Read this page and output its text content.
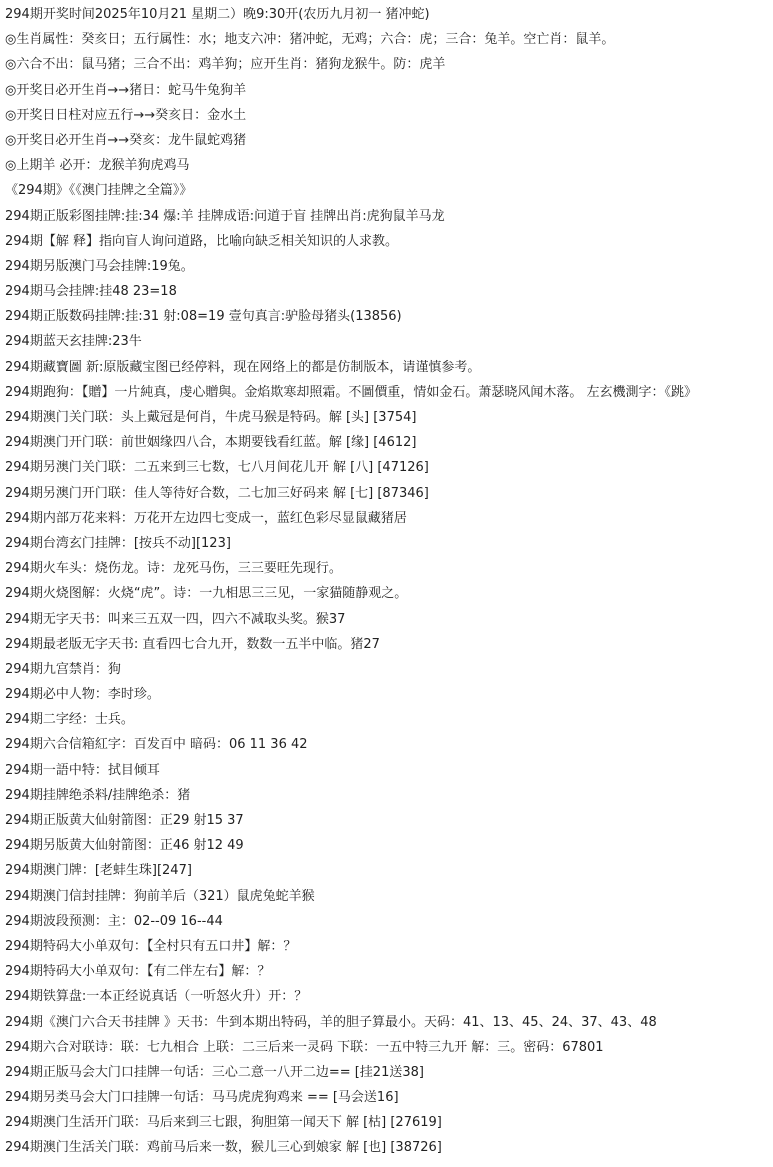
294期开奖时间2025年10月21 星期二）晚9:30开(农历九月初一 猪冲蛇)
◎生肖属性：癸亥日；五行属性：水；地支六冲：猪冲蛇，无鸡；六合：虎；三合：兔羊。空亡肖：鼠羊。
◎六合不出：鼠马猪；三合不出：鸡羊狗；应开生肖：猪狗龙猴牛。防：虎羊
◎开奖日必开生肖→→猪日：蛇马牛兔狗羊
◎开奖日日柱对应五行→→癸亥日：金水土
◎开奖日必开生肖→→癸亥：龙牛鼠蛇鸡猪
◎上期羊 必开：龙猴羊狗虎鸡马
《294期》《《澳门挂牌之全篇》》
294期正版彩图挂牌:挂:34 爆:羊 挂牌成语:问道于盲 挂牌出肖:虎狗鼠羊马龙
294期【解 释】指向盲人询问道路，比喻向缺乏相关知识的人求教。
294期另版澳门马会挂牌:19兔。
294期马会挂牌:挂48 23=18
294期正版数码挂牌:挂:31 射:08=19 壹句真言:驴脸母猪头(13856)
294期蓝天玄挂牌:23牛
294期藏寶圖 新:原版藏宝图已经停料，现在网络上的都是仿制版本，请谨慎参考。
294期跑狗：【贈】一片純真，虔心贈與。金焰欺寒却照霜。不圖價重，情如金石。萧瑟晓风闻木落。 左玄機測字：《跳》
294期澳门关门联：头上戴冠是何肖，牛虎马猴是特码。解 [头] [3754]
294期澳门开门联：前世姻缘四八合，本期要钱看红蓝。解 [缘] [4612]
294期另澳门关门联：二五来到三七数，七八月间花儿开 解 [八] [47126]
294期另澳门开门联：佳人等待好合数，二七加三好码来 解 [七] [87346]
294期内部万花来料：万花开左边四七变成一，蓝红色彩尽显鼠藏猪居
294期台湾玄门挂牌：[按兵不动][123]
294期火车头：烧伤龙。诗：龙死马伤，三三要旺先现行。
294期火烧图解：火烧“虎”。诗：一九相思三三见，一家猫随静观之。
294期无字天书：叫来三五双一四，四六不减取头奖。猴37
294期最老版无字天书: 直看四七合九开，数数一五半中临。猪27
294期九宫禁肖：狗
294期必中人物：李时珍。
294期二字经：士兵。
294期六合信箱紅字：百发百中 暗码：06 11 36 42
294期一語中特：拭目倾耳
294期挂牌绝杀料/挂牌绝杀：猪
294期正版黄大仙射箭图：正29 射15 37
294期另版黄大仙射箭图：正46 射12 49
294期澳门牌：[老蚌生珠][247]
294期澳门信封挂牌：狗前羊后（321）鼠虎兔蛇羊猴
294期波段预测：主：02--09 16--44
294期特码大小单双句：【全村只有五口井】解：？
294期特码大小单双句：【有二伴左右】解：？
294期铁算盘:一本正经说真话（一听怒火升）开：？
294期《澳门六合天书挂牌 》天书：牛到本期出特码，羊的胆子算最小。天码：41、13、45、24、37、43、48
294期六合对联诗：联：七九相合 上联：二三后来一灵码 下联：一五中特三九开 解：三。密码：67801
294期正版马会大门口挂牌一句话：三心二意一八开二边== [挂21送38]
294期另类马会大门口挂牌一句话：马马虎虎狗鸡来 == [马会送16]
294期澳门生活开门联：马后来到三七跟，狗胆第一闻天下 解 [枯] [27619]
294期澳门生活关门联：鸡前马后来一数，猴儿三心到娘家 解 [也] [38726]
